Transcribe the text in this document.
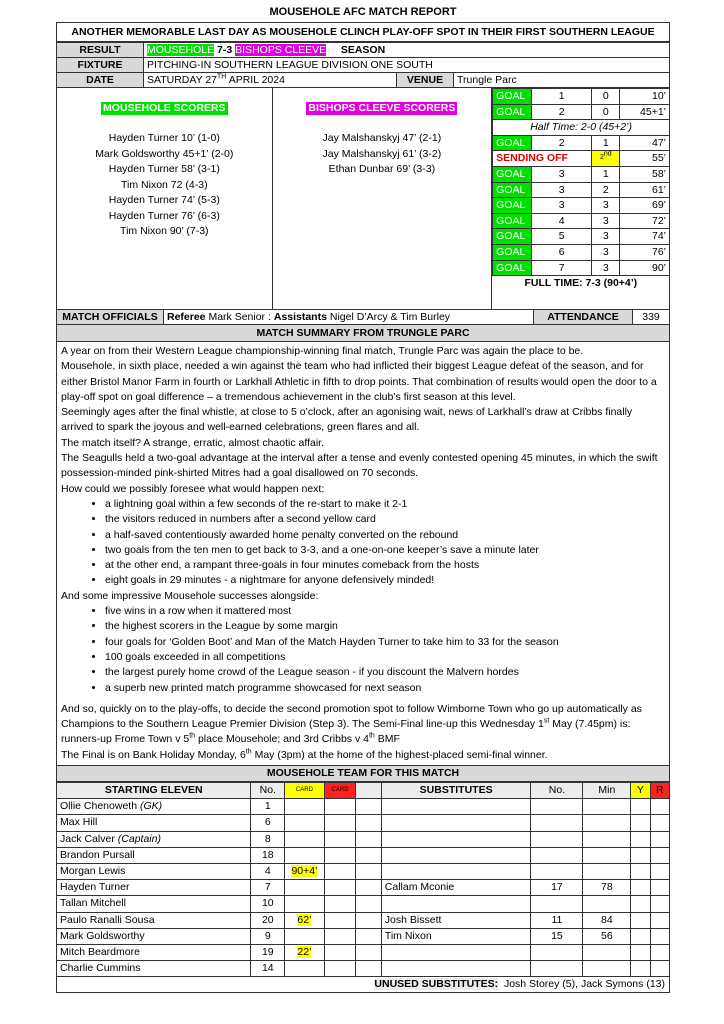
MOUSEHOLE AFC MATCH REPORT
ANOTHER MEMORABLE LAST DAY AS MOUSEHOLE CLINCH PLAY-OFF SPOT IN THEIR FIRST SOUTHERN LEAGUE SEASON
RESULT	MOUSEHOLE 7-3 BISHOPS CLEEVE		
FIXTURE	PITCHING-IN SOUTHERN LEAGUE DIVISION ONE SOUTH		
DATE	SATURDAY 27TH APRIL 2024	VENUE	Trungle Parc
MOUSEHOLE SCORERS
Hayden Turner 10’ (1-0)
Mark Goldsworthy 45+1’ (2-0)
Hayden Turner 58’ (3-1)
Tim Nixon 72 (4-3)
Hayden Turner 74’ (5-3)
Hayden Turner 76’ (6-3)
Tim Nixon 90’ (7-3)
BISHOPS CLEEVE SCORERS
Jay Malshanskyj 47’ (2-1)
Jay Malshanskyj 61’ (3-2)
Ethan Dunbar 69’ (3-3)
GOAL	1	0	10’
GOAL	2	0	45+1’
Half Time: 2-0 (45+2’)			
GOAL	2	1	47’
SENDING OFF		2nd	55’
GOAL	3	1	58’
GOAL	3	2	61’
GOAL	3	3	69’
GOAL	4	3	72’
GOAL	5	3	74’
GOAL	6	3	76’
GOAL	7	3	90’
FULL TIME: 7-3 (90+4’)			
MATCH OFFICIALS	Referee Mark Senior : Assistants Nigel D’Arcy & Tim Burley	ATTENDANCE	339
MATCH SUMMARY FROM TRUNGLE PARC

A year on from their Western League championship-winning final match, Trungle Parc was again the place to be.

Mousehole, in sixth place, needed a win against the team who had inflicted their biggest League defeat of the season, and for either Bristol Manor Farm in fourth or Larkhall Athletic in fifth to drop points. That combination of results would open the door to a play-off spot on goal difference – a tremendous achievement in the club’s first season at this level.

Seemingly ages after the final whistle, at close to 5 o’clock, after an agonising wait, news of Larkhall’s draw at Cribbs finally arrived to spark the joyous and well-earned celebrations, green flares and all.

The match itself? A strange, erratic, almost chaotic affair.

The Seagulls held a two-goal advantage at the interval after a tense and evenly contested opening 45 minutes, in which the swift possession-minded pink-shirted Mitres had a goal disallowed on 70 seconds.

How could we possibly foresee what would happen next:

• a lightning goal within a few seconds of the re-start to make it 2-1
• the visitors reduced in numbers after a second yellow card
• a half-saved contentiously awarded home penalty converted on the rebound
• two goals from the ten men to get back to 3-3, and a one-on-one keeper’s save a minute later
• at the other end, a rampant three-goals in four minutes comeback from the hosts
• eight goals in 29 minutes - a nightmare for anyone defensively minded!

And some impressive Mousehole successes alongside:

• five wins in a row when it mattered most
• the highest scorers in the League by some margin
• four goals for ‘Golden Boot’ and Man of the Match Hayden Turner to take him to 33 for the season
• 100 goals exceeded in all competitions
• the largest purely home crowd of the League season - if you discount the Malvern hordes
• a superb new printed match programme showcased for next season

And so, quickly on to the play-offs, to decide the second promotion spot to follow Wimborne Town who go up automatically as Champions to the Southern League Premier Division (Step 3). The Semi-Final line-up this Wednesday 1st May (7.45pm) is: runners-up Frome Town v 5th place Mousehole; and 3rd Cribbs v 4th BMF

The Final is on Bank Holiday Monday, 6th May (3pm) at the home of the highest-placed semi-final winner.

MOUSEHOLE TEAM FOR THIS MATCH
STARTING ELEVEN	No.	CARD	CARD		SUBSTITUTES	No.	Min	Y	R
Ollie Chenoweth (GK)	1								
Max Hill	6								
Jack Calver (Captain)	8								
Brandon Pursall	18								
Morgan Lewis	4	90+4’							
Hayden Turner	7				Callam Mconie	17	78		
Tallan Mitchell	10								
Paulo Ranalli Sousa	20	62’			Josh Bissett	11	84		
Mark Goldsworthy	9				Tim Nixon	15	56		
Mitch Beardmore	19	22’							
Charlie Cummins	14								
UNUSED SUBSTITUTES: Josh Storey (5), Jack Symons (13)
